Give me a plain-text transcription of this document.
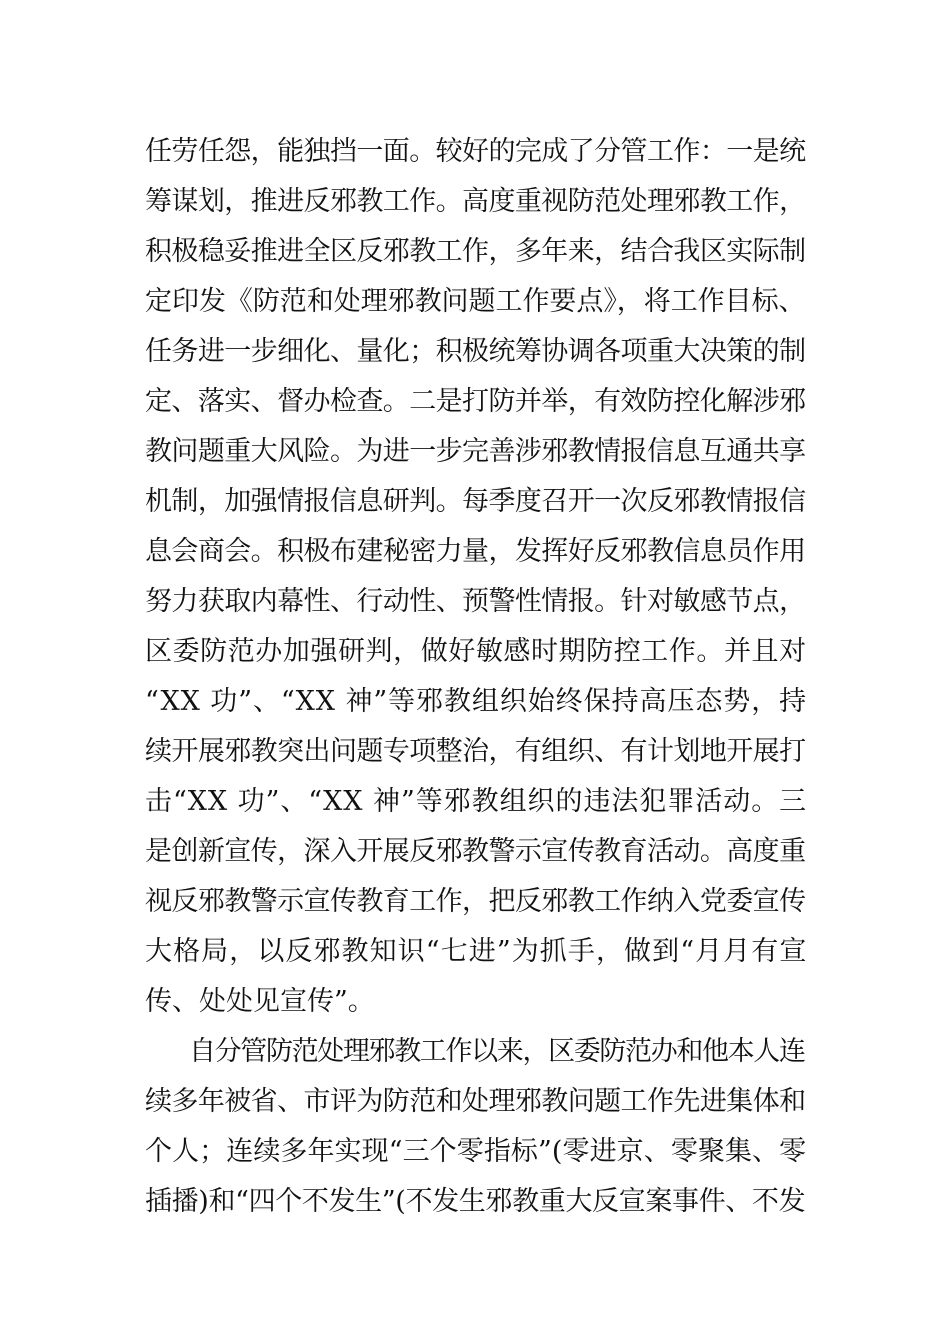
任劳任怨，能独挡一面。较好的完成了分管工作：一是统
筹谋划，推进反邪教工作。高度重视防范处理邪教工作，
积极稳妥推进全区反邪教工作，多年来，结合我区实际制
定印发《防范和处理邪教问题工作要点》，将工作目标、
任务进一步细化、量化；积极统筹协调各项重大决策的制
定、落实、督办检查。二是打防并举，有效防控化解涉邪
教问题重大风险。为进一步完善涉邪教情报信息互通共享
机制，加强情报信息研判。每季度召开一次反邪教情报信
息会商会。积极布建秘密力量，发挥好反邪教信息员作用
努力获取内幕性、行动性、预警性情报。针对敏感节点，
区委防范办加强研判，做好敏感时期防控工作。并且对
“XX 功”、“XX 神”等邪教组织始终保持高压态势，持
续开展邪教突出问题专项整治，有组织、有计划地开展打
击“XX 功”、“XX 神”等邪教组织的违法犯罪活动。三
是创新宣传，深入开展反邪教警示宣传教育活动。高度重
视反邪教警示宣传教育工作，把反邪教工作纳入党委宣传
大格局，以反邪教知识“七进”为抓手，做到“月月有宣
传、处处见宣传”。
自分管防范处理邪教工作以来，区委防范办和他本人连
续多年被省、市评为防范和处理邪教问题工作先进集体和
个人；连续多年实现“三个零指标”(零进京、零聚集、零
插播)和“四个不发生”(不发生邪教重大反宣案事件、不发
